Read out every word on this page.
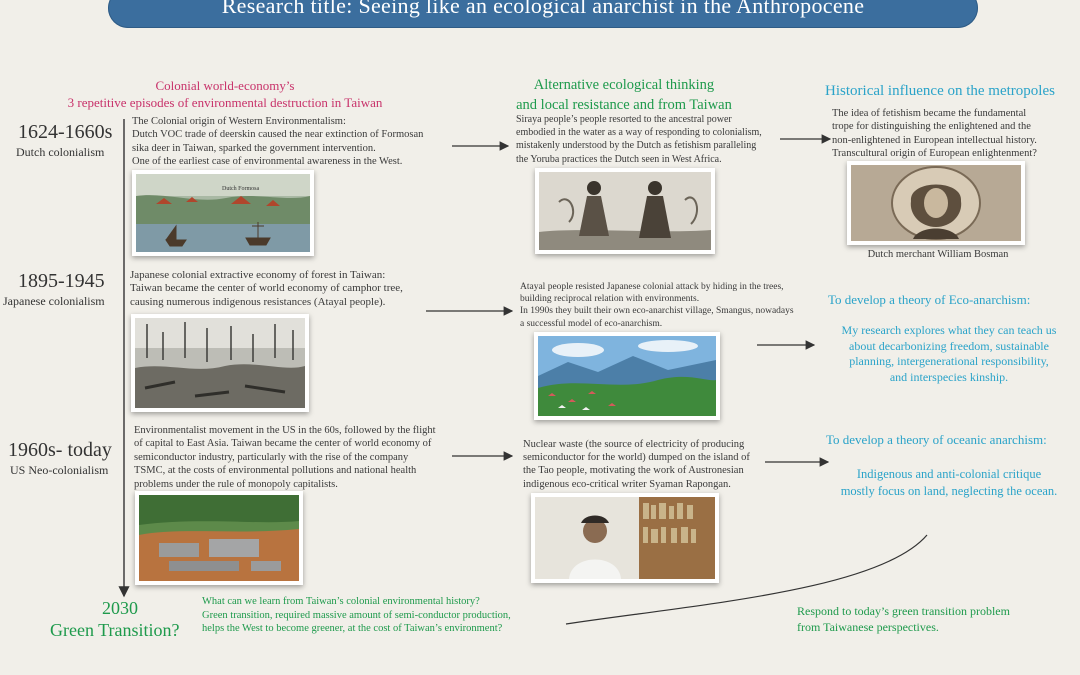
Research title: Seeing like an ecological anarchist in the Anthropocene
Colonial world-economy’s
3 repetitive episodes of environmental destruction in Taiwan
Alternative ecological thinking
and local resistance and from Taiwan
Historical influence on the metropoles
1624-1660s
Dutch colonialism
The Colonial origin of Western Environmentalism:
Dutch VOC trade of deerskin caused the near extinction of Formosan
sika deer in Taiwan, sparked the government intervention.
One of the earliest case of environmental awareness in the West.
Dutch Formosa
1895-1945
Japanese colonialism
Japanese colonial extractive economy of forest in Taiwan:
Taiwan became the center of world economy of camphor tree,
causing numerous indigenous resistances (Atayal people).
1960s- today
US Neo-colonialism
Environmentalist movement in the US in the 60s, followed by the flight
of capital to East Asia. Taiwan became the center of world economy of
semiconductor industry, particularly with the rise of the company
TSMC, at the costs of environmental pollutions and national health
problems under the rule of monopoly capitalists.
2030
Green Transition?
What can we learn from Taiwan’s colonial environmental history?
Green transition, required massive amount of semi-conductor production,
helps the West to become greener, at the cost of Taiwan’s environment?
Respond to today’s green transition problem
from Taiwanese perspectives.
Siraya people’s people resorted to the ancestral power
embodied in the water as a way of responding to colonialism,
mistakenly understood by the Dutch as fetishism paralleling
the Yoruba practices the Dutch seen in West Africa.
Atayal people resisted Japanese colonial attack by hiding in the trees,
building reciprocal relation with environments.
In 1990s they built their own eco-anarchist village, Smangus, nowadays
a successful model of eco-anarchism.
Nuclear waste (the source of electricity of producing
semiconductor for the world) dumped on the island of
the Tao people, motivating the work of Austronesian
indigenous eco-critical writer Syaman Rapongan.
The idea of fetishism became the fundamental
trope for distinguishing the enlightened and the
non-enlightened in European intellectual history.
Transcultural origin of European enlightenment?
Dutch merchant William Bosman
To develop a theory of Eco-anarchism:
My research explores what they can teach us
about decarbonizing freedom, sustainable
planning, intergenerational responsibility,
and interspecies kinship.
To develop a theory of oceanic anarchism:
Indigenous and anti-colonial critique
mostly focus on land, neglecting the ocean.
